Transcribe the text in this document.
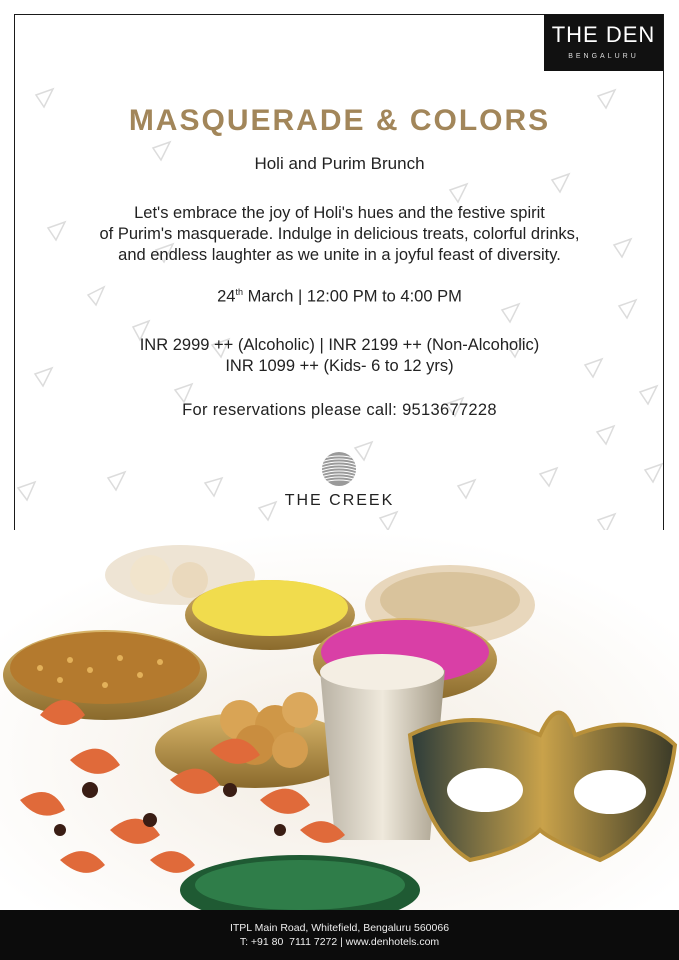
THE DEN
BENGALURU
MASQUERADE & COLORS
Holi and Purim Brunch
Let's embrace the joy of Holi's hues and the festive spirit
of Purim's masquerade. Indulge in delicious treats, colorful drinks,
and endless laughter as we unite in a joyful feast of diversity.
24th March | 12:00 PM to 4:00 PM
INR 2999 ++ (Alcoholic) | INR 2199 ++ (Non-Alcoholic)
INR 1099 ++ (Kids- 6 to 12 yrs)
For reservations please call: 9513677228
THE CREEK
ITPL Main Road, Whitefield, Bengaluru 560066
T: +91 80  7111 7272 | www.denhotels.com
